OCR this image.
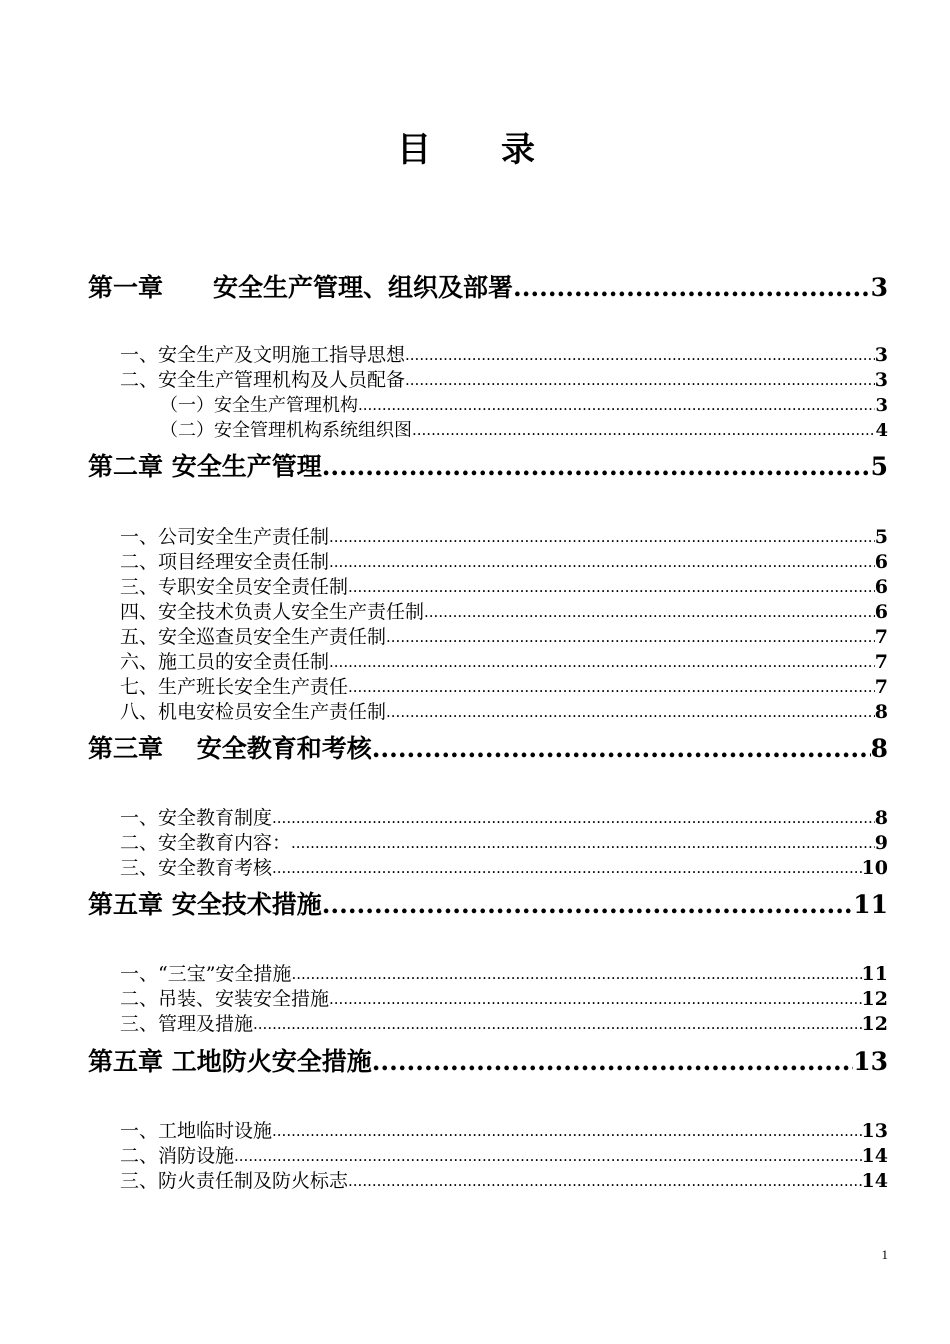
目　录
第一章　　安全生产管理、组织及部署 .....	3
一、安全生产及文明施工指导思想 .....	3
二、安全生产管理机构及人员配备 .....	3
（一）安全生产管理机构 .....	3
（二）安全管理机构系统组织图 .....	4
第二章 安全生产管理 .....	5
一、公司安全生产责任制 .....	5
二、项目经理安全责任制 .....	6
三、专职安全员安全责任制 .....	6
四、安全技术负责人安全生产责任制 .....	6
五、安全巡查员安全生产责任制 .....	7
六、施工员的安全责任制 .....	7
七、生产班长安全生产责任 .....	7
八、机电安检员安全生产责任制 .....	8
第三章　 安全教育和考核 .....	8
一、安全教育制度 .....	8
二、安全教育内容： .....	9
三、安全教育考核 .....	10
第五章 安全技术措施 .....	11
一、“三宝”安全措施 .....	11
二、吊装、安装安全措施 .....	12
三、管理及措施 .....	12
第五章 工地防火安全措施 .....	13
一、工地临时设施 .....	13
二、消防设施 .....	14
三、防火责任制及防火标志 .....	14
1
